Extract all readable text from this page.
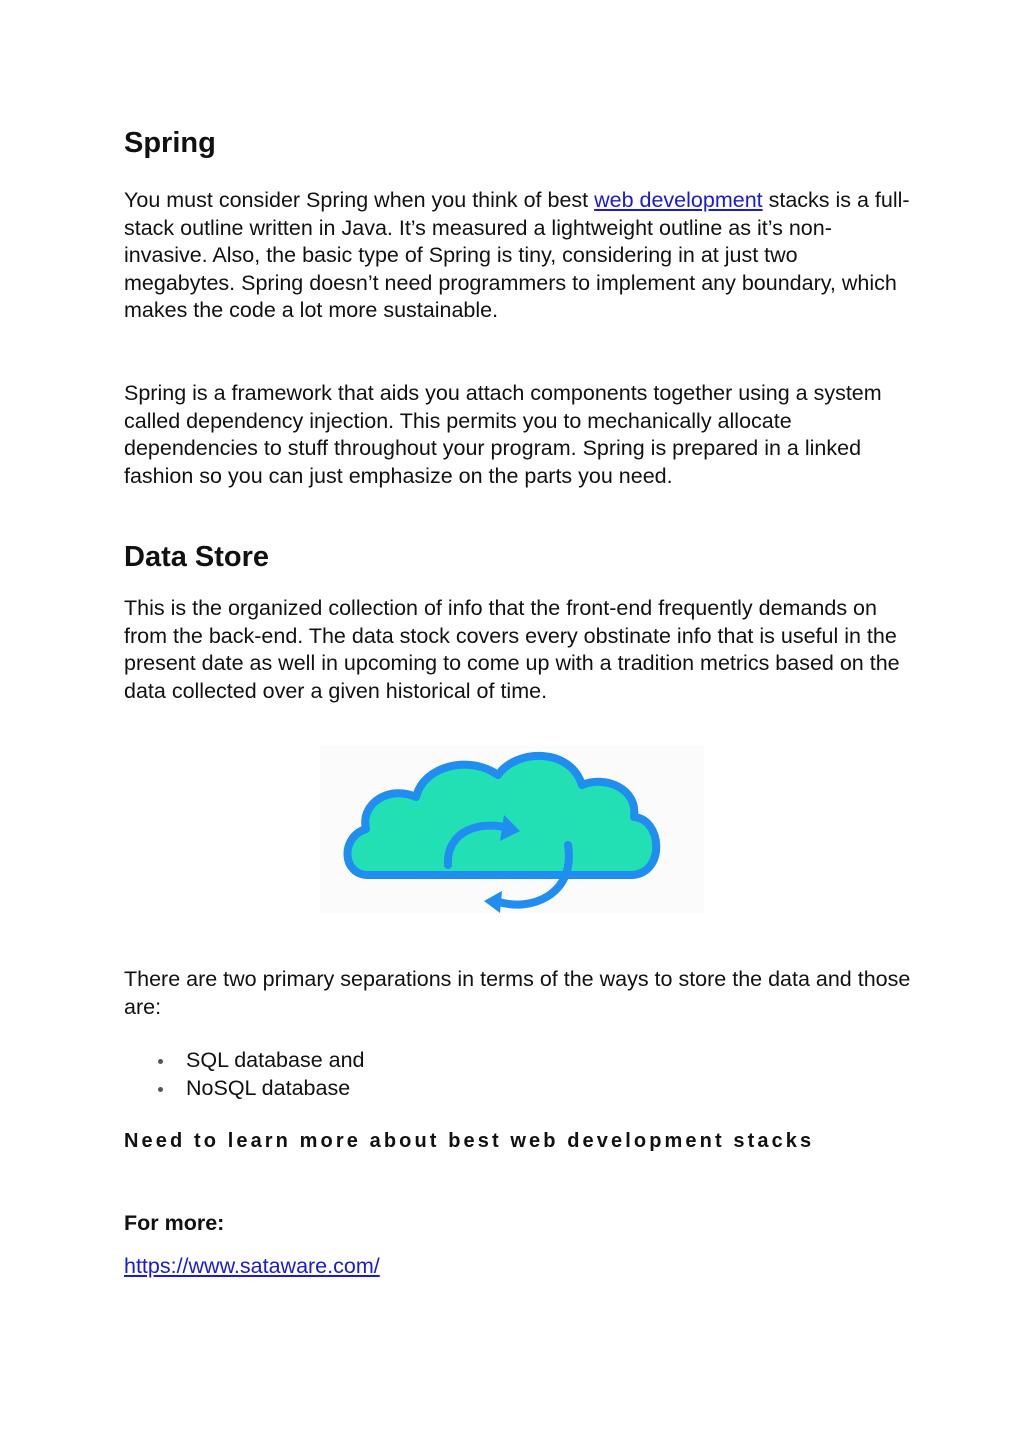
Spring

You must consider Spring when you think of best web development stacks is a full-stack outline written in Java. It’s measured a lightweight outline as it’s non-invasive. Also, the basic type of Spring is tiny, considering in at just two megabytes. Spring doesn’t need programmers to implement any boundary, which makes the code a lot more sustainable.

Spring is a framework that aids you attach components together using a system called dependency injection. This permits you to mechanically allocate dependencies to stuff throughout your program. Spring is prepared in a linked fashion so you can just emphasize on the parts you need.

Data Store

This is the organized collection of info that the front-end frequently demands on from the back-end. The data stock covers every obstinate info that is useful in the present date as well in upcoming to come up with a tradition metrics based on the data collected over a given historical of time.

There are two primary separations in terms of the ways to store the data and those are:

SQL database and
NoSQL database

Need to learn more about best web development stacks

For more:

https://www.sataware.com/
